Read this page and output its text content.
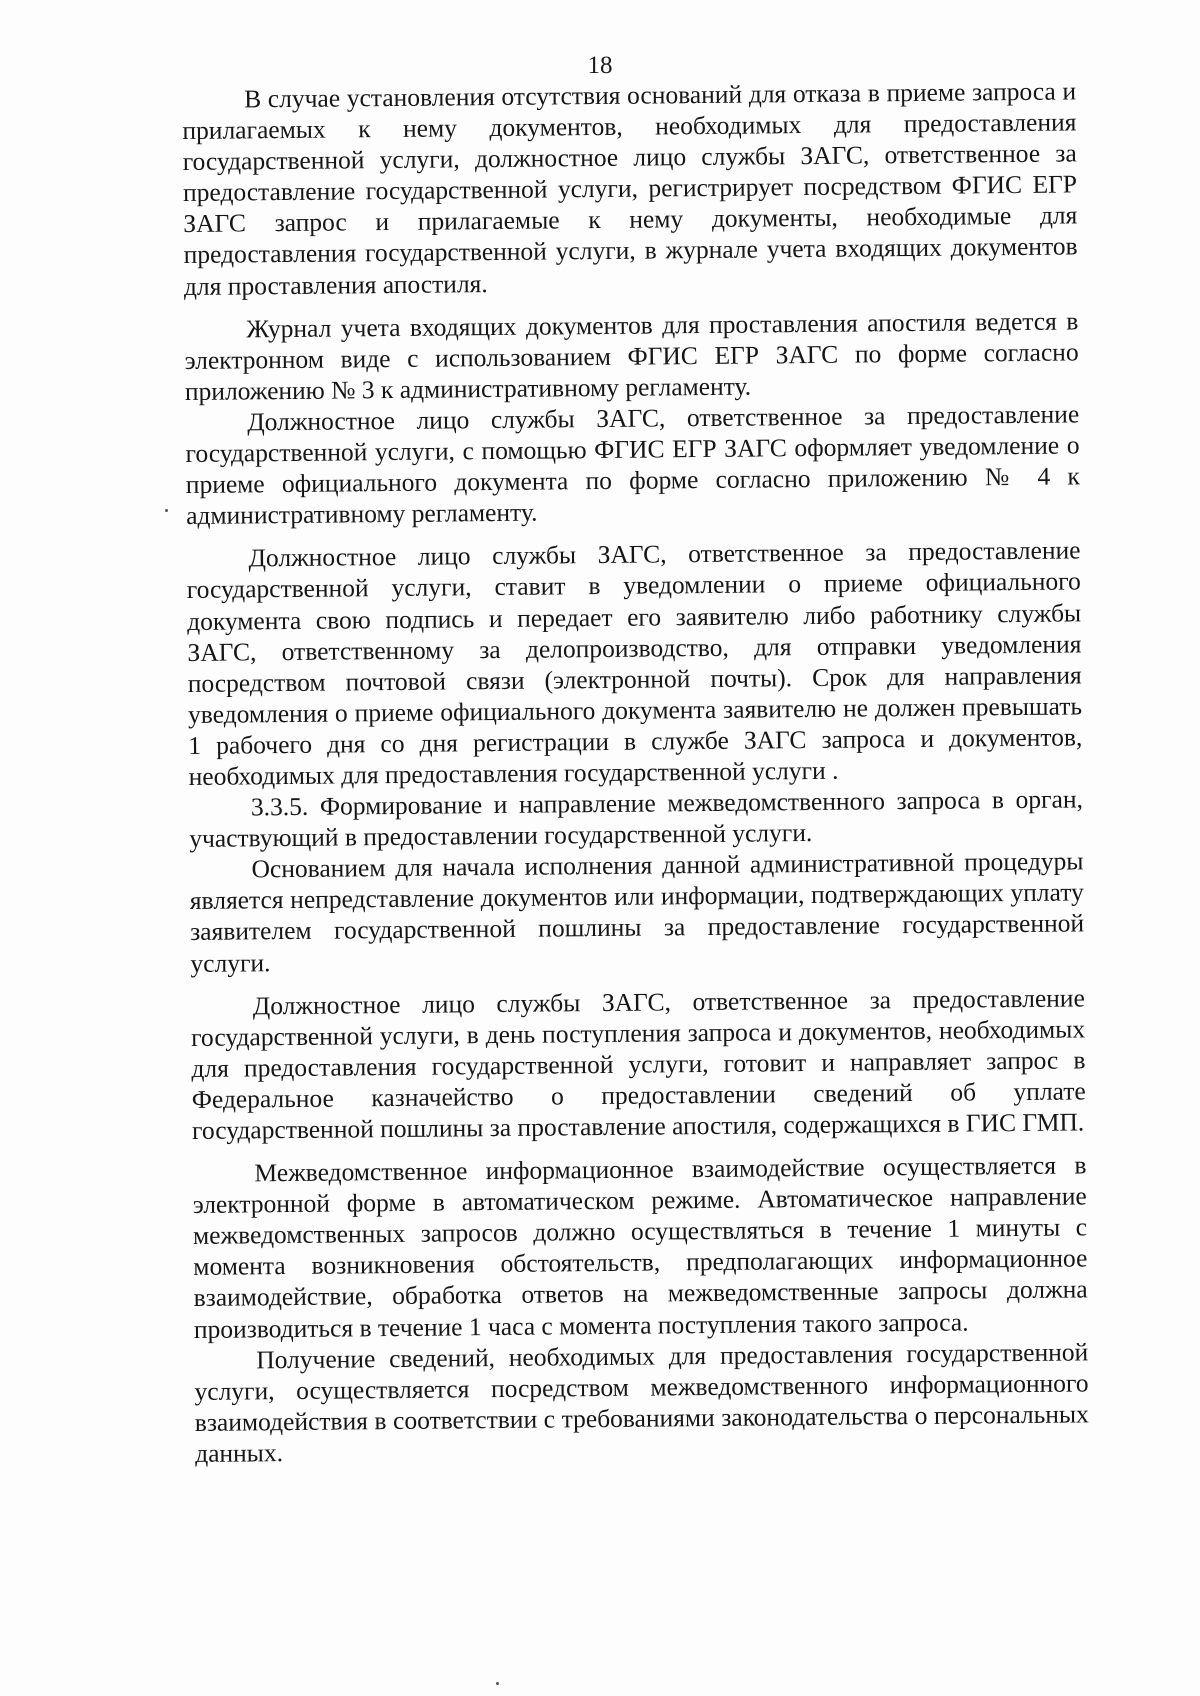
18

В случае установления отсутствия оснований для отказа в приеме запроса и прилагаемых к нему документов, необходимых для предоставления государственной услуги, должностное лицо службы ЗАГС, ответственное за предоставление государственной услуги, регистрирует посредством ФГИС ЕГР ЗАГС запрос и прилагаемые к нему документы, необходимые для предоставления государственной услуги, в журнале учета входящих документов для проставления апостиля.

Журнал учета входящих документов для проставления апостиля ведется в электронном виде с использованием ФГИС ЕГР ЗАГС по форме согласно приложению № 3 к административному регламенту.

Должностное лицо службы ЗАГС, ответственное за предоставление государственной услуги, с помощью ФГИС ЕГР ЗАГС оформляет уведомление о приеме официального документа по форме согласно приложению № 4 к административному регламенту.

Должностное лицо службы ЗАГС, ответственное за предоставление государственной услуги, ставит в уведомлении о приеме официального документа свою подпись и передает его заявителю либо работнику службы ЗАГС, ответственному за делопроизводство, для отправки уведомления посредством почтовой связи (электронной почты). Срок для направления уведомления о приеме официального документа заявителю не должен превышать 1 рабочего дня со дня регистрации в службе ЗАГС запроса и документов, необходимых для предоставления государственной услуги .

3.3.5. Формирование и направление межведомственного запроса в орган, участвующий в предоставлении государственной услуги.

Основанием для начала исполнения данной административной процедуры является непредставление документов или информации, подтверждающих уплату заявителем государственной пошлины за предоставление государственной услуги.

Должностное лицо службы ЗАГС, ответственное за предоставление государственной услуги, в день поступления запроса и документов, необходимых для предоставления государственной услуги, готовит и направляет запрос в Федеральное казначейство о предоставлении сведений об уплате государственной пошлины за проставление апостиля, содержащихся в ГИС ГМП.

Межведомственное информационное взаимодействие осуществляется в электронной форме в автоматическом режиме. Автоматическое направление межведомственных запросов должно осуществляться в течение 1 минуты с момента возникновения обстоятельств, предполагающих информационное взаимодействие, обработка ответов на межведомственные запросы должна производиться в течение 1 часа с момента поступления такого запроса.

Получение сведений, необходимых для предоставления государственной услуги, осуществляется посредством межведомственного информационного взаимодействия в соответствии с требованиями законодательства о персональных данных.
